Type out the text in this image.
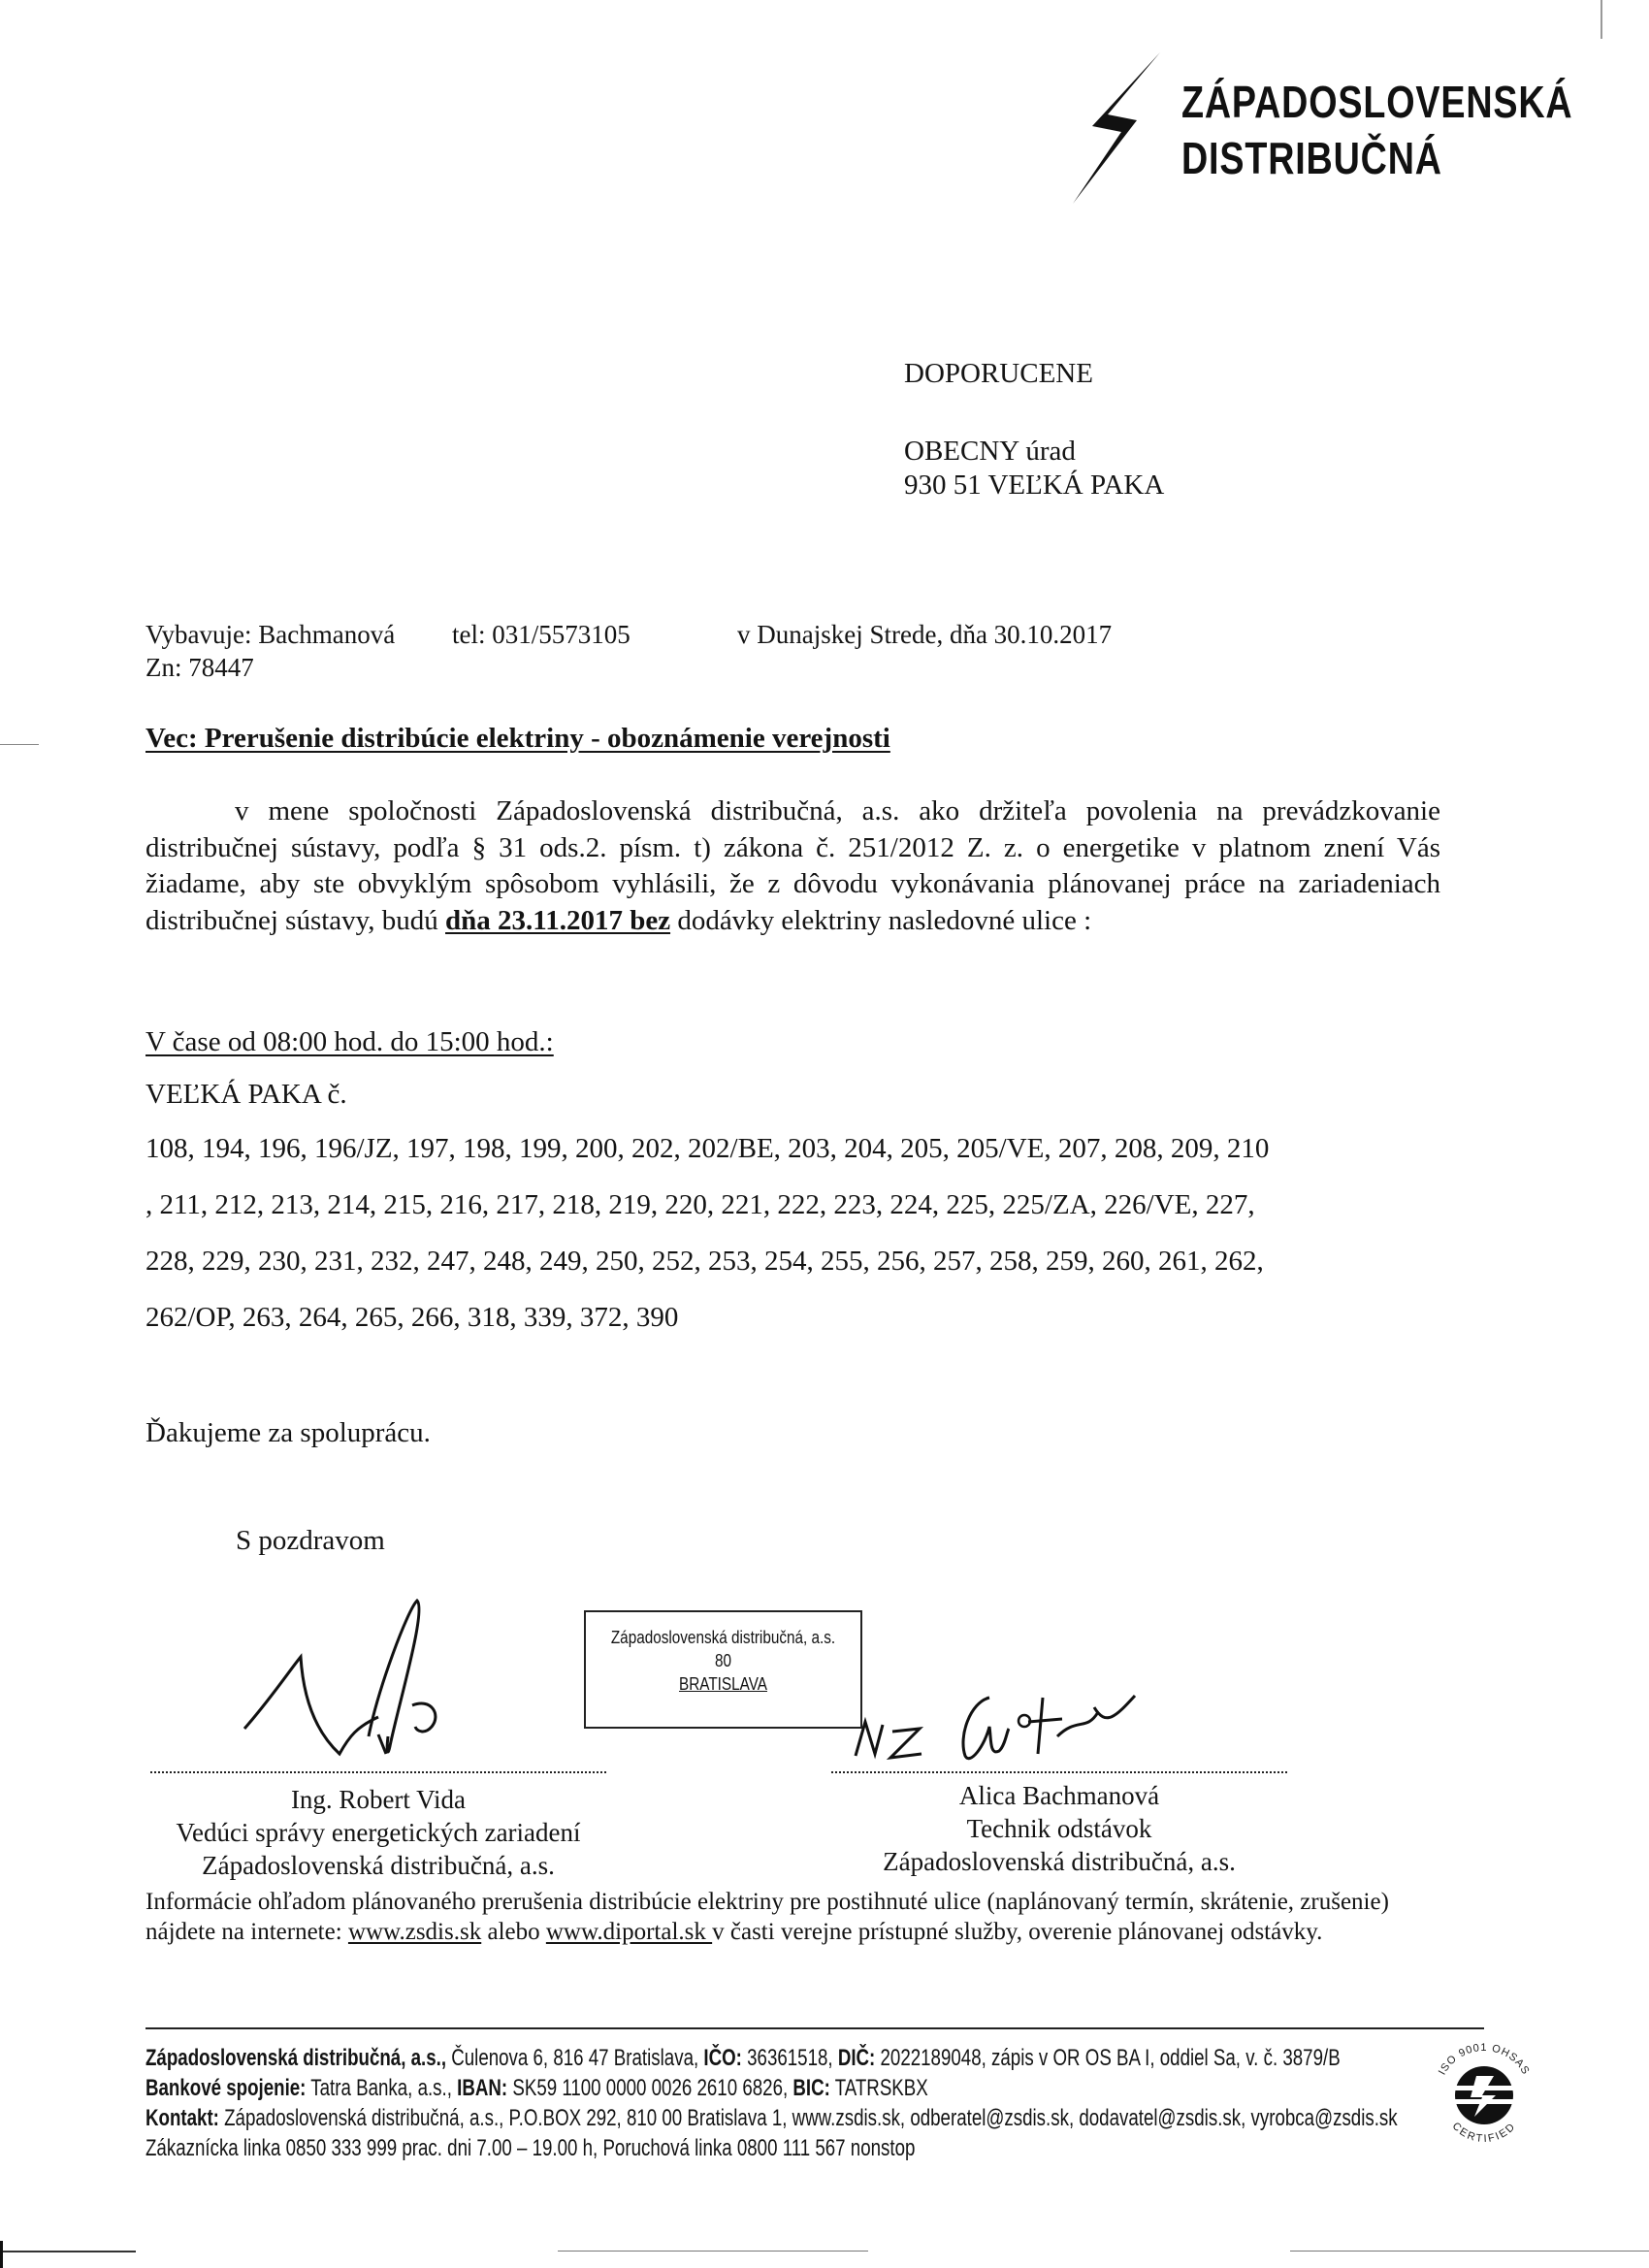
ZÁPADOSLOVENSKÁ
DISTRIBUČNÁ
DOPORUCENE
OBECNY úrad
930 51 VEĽKÁ PAKA
Vybavuje: Bachmanová tel: 031/5573105	v Dunajskej Strede, dňa 30.10.2017
Zn: 78447
Vec: Prerušenie distribúcie elektriny - oboznámenie verejnosti
v mene spoločnosti Západoslovenská distribučná, a.s. ako držiteľa povolenia na prevádzkovanie distribučnej sústavy, podľa § 31 ods.2. písm. t) zákona č. 251/2012 Z. z. o energetike v platnom znení Vás žiadame, aby ste obvyklým spôsobom vyhlásili, že z dôvodu vykonávania plánovanej práce na zariadeniach distribučnej sústavy, budú dňa 23.11.2017 bez dodávky elektriny nasledovné ulice :
V čase od 08:00 hod. do 15:00 hod.:
VEĽKÁ PAKA č.
108, 194, 196, 196/JZ, 197, 198, 199, 200, 202, 202/BE, 203, 204, 205, 205/VE, 207, 208, 209, 210
, 211, 212, 213, 214, 215, 216, 217, 218, 219, 220, 221, 222, 223, 224, 225, 225/ZA, 226/VE, 227,
228, 229, 230, 231, 232, 247, 248, 249, 250, 252, 253, 254, 255, 256, 257, 258, 259, 260, 261, 262,
262/OP, 263, 264, 265, 266, 318, 339, 372, 390
Ďakujeme za spoluprácu.
S pozdravom
Západoslovenská distribučná, a.s.
80
BRATISLAVA
Ing. Robert Vida
Vedúci správy energetických zariadení
Západoslovenská distribučná, a.s.
Alica Bachmanová
Technik odstávok
Západoslovenská distribučná, a.s.
Informácie ohľadom plánovaného prerušenia distribúcie elektriny pre postihnuté ulice (naplánovaný termín, skrátenie, zrušenie) nájdete na internete: www.zsdis.sk alebo www.diportal.sk v časti verejne prístupné služby, overenie plánovanej odstávky.
Západoslovenská distribučná, a.s., Čulenova 6, 816 47 Bratislava, IČO: 36361518, DIČ: 2022189048, zápis v OR OS BA I, oddiel Sa, v. č. 3879/B
Bankové spojenie: Tatra Banka, a.s., IBAN: SK59 1100 0000 0026 2610 6826, BIC: TATRSKBX
Kontakt: Západoslovenská distribučná, a.s., P.O.BOX 292, 810 00 Bratislava 1, www.zsdis.sk, odberatel@zsdis.sk, dodavatel@zsdis.sk, vyrobca@zsdis.sk
Zákaznícka linka 0850 333 999 prac. dni 7.00 – 19.00 h, Poruchová linka 0800 111 567 nonstop
ISO 9001 OHSAS
CERTIFIED
